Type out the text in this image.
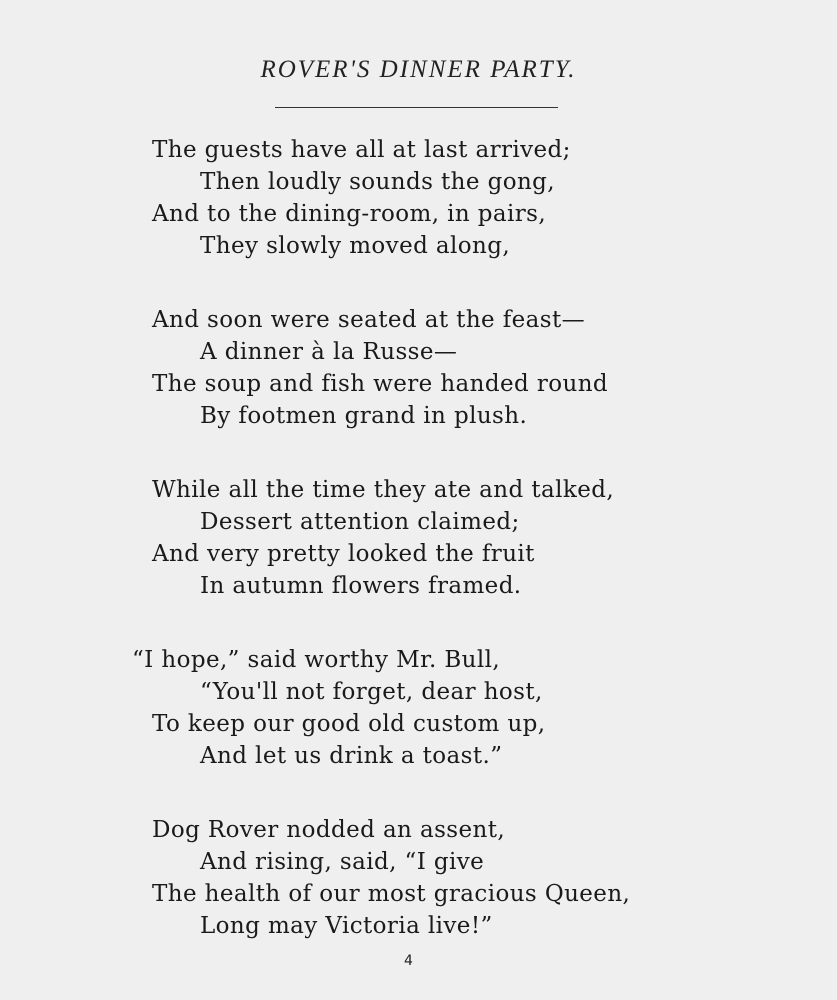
ROVER'S DINNER PARTY.
The guests have all at last arrived;
Then loudly sounds the gong,
And to the dining-room, in pairs,
They slowly moved along,
And soon were seated at the feast—
A dinner à la Russe—
The soup and fish were handed round
By footmen grand in plush.
While all the time they ate and talked,
Dessert attention claimed;
And very pretty looked the fruit
In autumn flowers framed.
“I hope,” said worthy Mr. Bull,
“You'll not forget, dear host,
To keep our good old custom up,
And let us drink a toast.”
Dog Rover nodded an assent,
And rising, said, “I give
The health of our most gracious Queen,
Long may Victoria live!”
4
